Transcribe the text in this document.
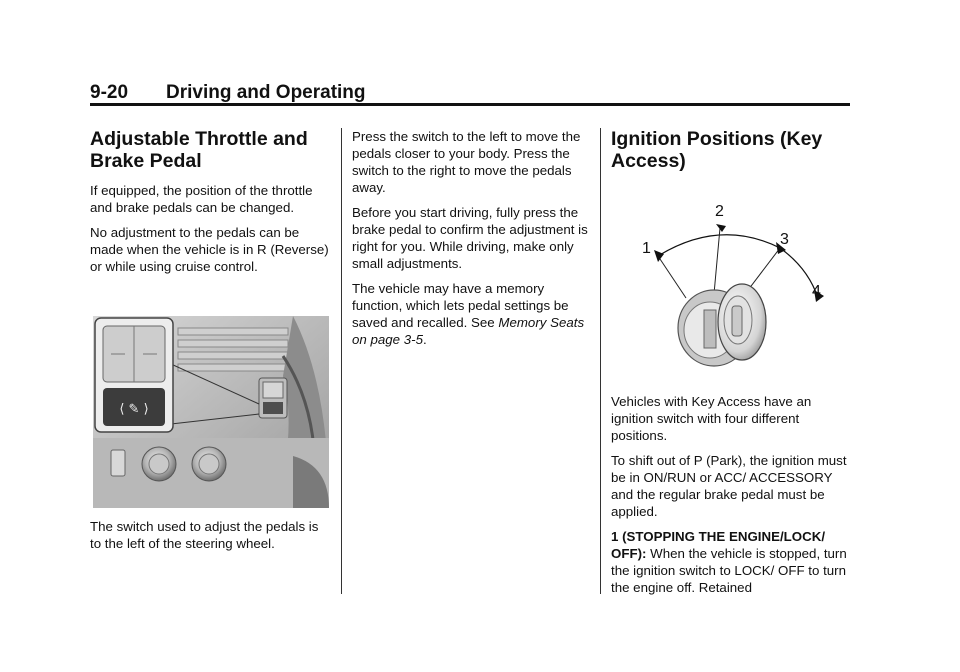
9-20 Driving and Operating
Adjustable Throttle and
Brake Pedal

If equipped, the position of the throttle and brake pedals can be changed.

No adjustment to the pedals can be made when the vehicle is in R (Reverse) or while using cruise control.

⟨ ✎ ⟩

The switch used to adjust the pedals is to the left of the steering wheel.

Press the switch to the left to move the pedals closer to your body. Press the switch to the right to move the pedals away.

Before you start driving, fully press the brake pedal to confirm the adjustment is right for you. While driving, make only small adjustments.

The vehicle may have a memory function, which lets pedal settings be saved and recalled. See Memory Seats on page 3-5.

Ignition Positions (Key
Access)
1
2
3
4

Vehicles with Key Access have an ignition switch with four different positions.

To shift out of P (Park), the ignition must be in ON/RUN or ACC/ ACCESSORY and the regular brake pedal must be applied.

1 (STOPPING THE ENGINE/LOCK/ OFF): When the vehicle is stopped, turn the ignition switch to LOCK/ OFF to turn the engine off. Retained
